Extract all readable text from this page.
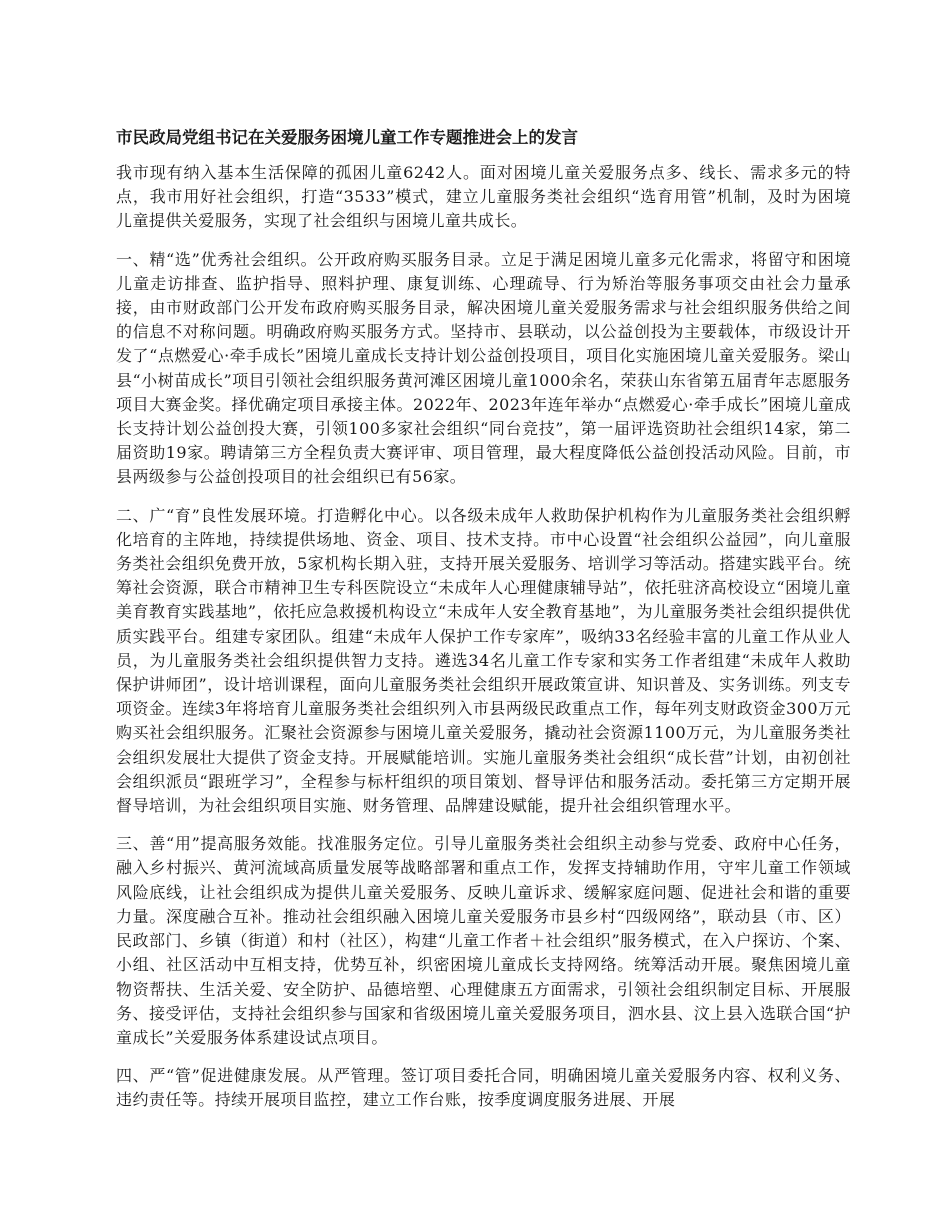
市民政局党组书记在关爱服务困境儿童工作专题推进会上的发言

我市现有纳入基本生活保障的孤困儿童6242人。面对困境儿童关爱服务点多、线长、需求多元的特点，我市用好社会组织，打造“3533”模式，建立儿童服务类社会组织“选育用管”机制，及时为困境儿童提供关爱服务，实现了社会组织与困境儿童共成长。

一、精“选”优秀社会组织。公开政府购买服务目录。立足于满足困境儿童多元化需求，将留守和困境儿童走访排查、监护指导、照料护理、康复训练、心理疏导、行为矫治等服务事项交由社会力量承接，由市财政部门公开发布政府购买服务目录，解决困境儿童关爱服务需求与社会组织服务供给之间的信息不对称问题。明确政府购买服务方式。坚持市、县联动，以公益创投为主要载体，市级设计开发了“点燃爱心·牵手成长”困境儿童成长支持计划公益创投项目，项目化实施困境儿童关爱服务。梁山县“小树苗成长”项目引领社会组织服务黄河滩区困境儿童1000余名，荣获山东省第五届青年志愿服务项目大赛金奖。择优确定项目承接主体。2022年、2023年连年举办“点燃爱心·牵手成长”困境儿童成长支持计划公益创投大赛，引领100多家社会组织“同台竞技”，第一届评选资助社会组织14家，第二届资助19家。聘请第三方全程负责大赛评审、项目管理，最大程度降低公益创投活动风险。目前，市县两级参与公益创投项目的社会组织已有56家。

二、广“育”良性发展环境。打造孵化中心。以各级未成年人救助保护机构作为儿童服务类社会组织孵化培育的主阵地，持续提供场地、资金、项目、技术支持。市中心设置“社会组织公益园”，向儿童服务类社会组织免费开放，5家机构长期入驻，支持开展关爱服务、培训学习等活动。搭建实践平台。统筹社会资源，联合市精神卫生专科医院设立“未成年人心理健康辅导站”，依托驻济高校设立“困境儿童美育教育实践基地”，依托应急救援机构设立“未成年人安全教育基地”，为儿童服务类社会组织提供优质实践平台。组建专家团队。组建“未成年人保护工作专家库”，吸纳33名经验丰富的儿童工作从业人员，为儿童服务类社会组织提供智力支持。遴选34名儿童工作专家和实务工作者组建“未成年人救助保护讲师团”，设计培训课程，面向儿童服务类社会组织开展政策宣讲、知识普及、实务训练。列支专项资金。连续3年将培育儿童服务类社会组织列入市县两级民政重点工作，每年列支财政资金300万元购买社会组织服务。汇聚社会资源参与困境儿童关爱服务，撬动社会资源1100万元，为儿童服务类社会组织发展壮大提供了资金支持。开展赋能培训。实施儿童服务类社会组织“成长营”计划，由初创社会组织派员“跟班学习”，全程参与标杆组织的项目策划、督导评估和服务活动。委托第三方定期开展督导培训，为社会组织项目实施、财务管理、品牌建设赋能，提升社会组织管理水平。

三、善“用”提高服务效能。找准服务定位。引导儿童服务类社会组织主动参与党委、政府中心任务，融入乡村振兴、黄河流域高质量发展等战略部署和重点工作，发挥支持辅助作用，守牢儿童工作领域风险底线，让社会组织成为提供儿童关爱服务、反映儿童诉求、缓解家庭问题、促进社会和谐的重要力量。深度融合互补。推动社会组织融入困境儿童关爱服务市县乡村“四级网络”，联动县（市、区）民政部门、乡镇（街道）和村（社区），构建“儿童工作者＋社会组织”服务模式，在入户探访、个案、小组、社区活动中互相支持，优势互补，织密困境儿童成长支持网络。统筹活动开展。聚焦困境儿童物资帮扶、生活关爱、安全防护、品德培塑、心理健康五方面需求，引领社会组织制定目标、开展服务、接受评估，支持社会组织参与国家和省级困境儿童关爱服务项目，泗水县、汶上县入选联合国“护童成长”关爱服务体系建设试点项目。

四、严“管”促进健康发展。从严管理。签订项目委托合同，明确困境儿童关爱服务内容、权利义务、违约责任等。持续开展项目监控，建立工作台账，按季度调度服务进展、开展
